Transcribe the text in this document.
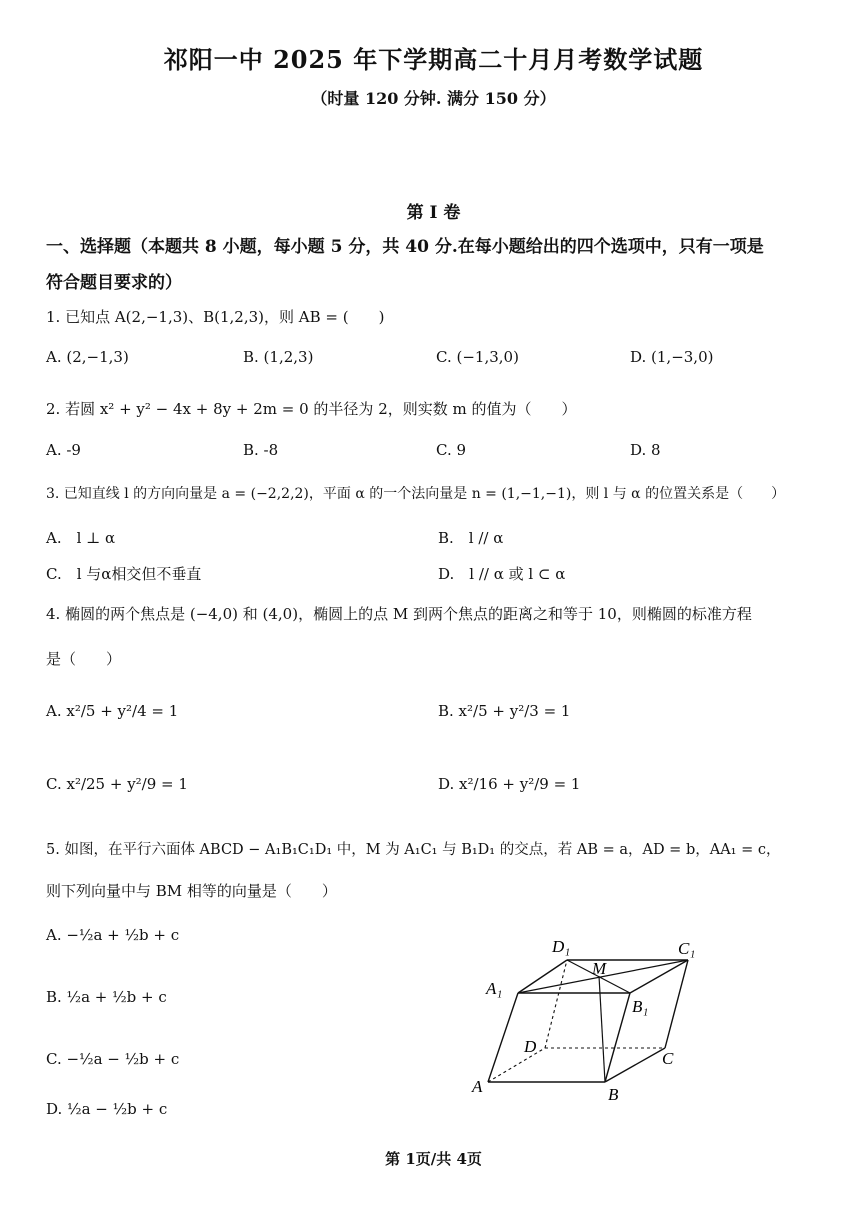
祁阳一中 2025 年下学期高二十月月考数学试题
（时量 120 分钟. 满分 150 分）
第 I 卷
一、选择题（本题共 8 小题，每小题 5 分，共 40 分.在每小题给出的四个选项中，只有一项是
符合题目要求的）
1. 已知点 A(2,−1,3)、B(1,2,3)，则 AB = (　　)
A. (2,−1,3)	B. (1,2,3)	C. (−1,3,0)	D. (1,−3,0)
2. 若圆 x² + y² − 4x + 8y + 2m = 0 的半径为 2，则实数 m 的值为（　　）
A. -9	B. -8	C. 9	D. 8
3. 已知直线 l 的方向向量是 a = (−2,2,2)，平面 α 的一个法向量是 n = (1,−1,−1)，则 l 与 α 的位置关系是（　　）
A.　l ⊥ α	B.　l // α
C.　l 与α相交但不垂直	D.　l // α 或 l ⊂ α
4. 椭圆的两个焦点是 (−4,0) 和 (4,0)，椭圆上的点 M 到两个焦点的距离之和等于 10，则椭圆的标准方程
是（　　）
A. x²/5 + y²/4 = 1	B. x²/5 + y²/3 = 1
C. x²/25 + y²/9 = 1	D. x²/16 + y²/9 = 1
5. 如图，在平行六面体 ABCD − A₁B₁C₁D₁ 中，M 为 A₁C₁ 与 B₁D₁ 的交点，若 AB = a，AD = b，AA₁ = c，
则下列向量中与 BM 相等的向量是（　　）
A. −½a + ½b + c
B. ½a + ½b + c
C. −½a − ½b + c
D. ½a − ½b + c
D₁	C₁
M
A₁
B₁
D
C
A	B
第 1页/共 4页
